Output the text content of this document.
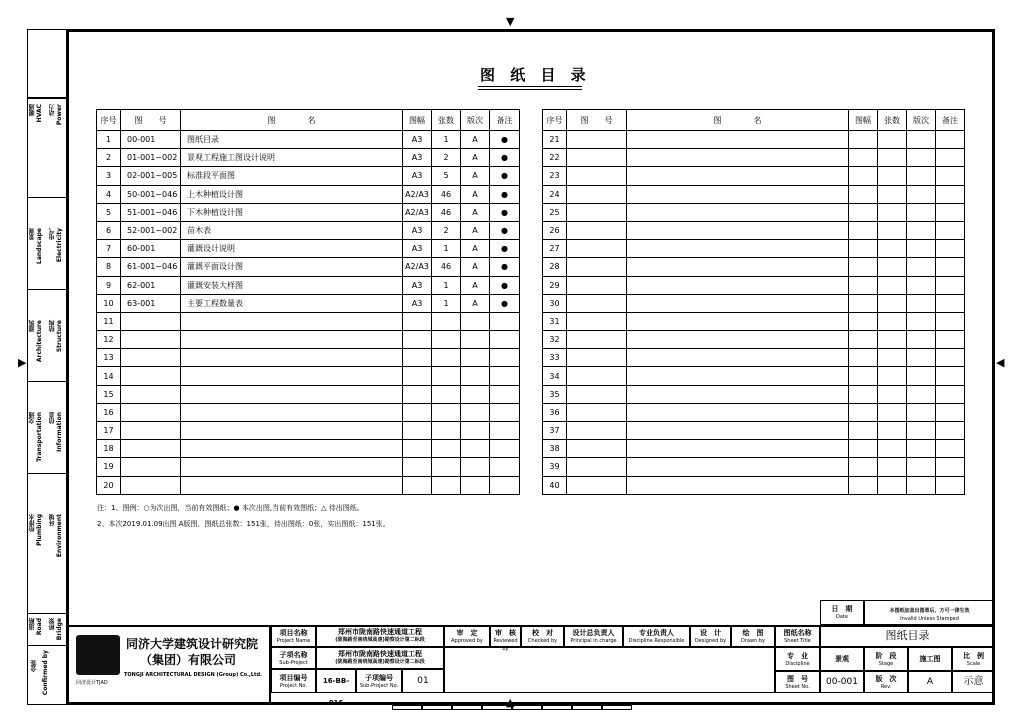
▼
▲
▶	◀
暖通 HVAC 动力 Power
景观 Landscape 电气 Electricity
建筑 Architecture 结构 Structure
交通 Transportation 信息 Information
给排水 Plumbing 环境 Environment
道路 Road 桥梁 Bridge
会签 Confirmed by
图 纸 目 录
序号	图　　号	图　　　　名	图幅	张数	版次	备注
1	00-001	图纸目录	A3	1	A	●
2	01-001~002	景观工程施工图设计说明	A3	2	A	●
3	02-001~005	标准段平面图	A3	5	A	●
4	50-001~046	上木种植设计图	A2/A3	46	A	●
5	51-001~046	下木种植设计图	A2/A3	46	A	●
6	52-001~002	苗木表	A3	2	A	●
7	60-001	灌溉设计说明	A3	1	A	●
8	61-001~046	灌溉平面设计图	A2/A3	46	A	●
9	62-001	灌溉安装大样图	A3	1	A	●
10	63-001	主要工程数量表	A3	1	A	●
11						
12						
13						
14						
15						
16						
17						
18						
19						
20						
序号	图　　号	图　　　　名	图幅	张数	版次	备注
21						
22						
23						
24						
25						
26						
27						
28						
29						
30						
31						
32						
33						
34						
35						
36						
37						
38						
39						
40						
注：1、图例：○为次出图，当前有效图纸；● 本次出图,当前有效图纸；△ 待出图纸。
2、本次2019.01.09出图 A版图，图纸总张数：151张，待出图纸：0张，实出图纸：151张。
日　期
Date
本图纸加盖出图章后，方可一律生效
Invalid Unless Stamped
同济大学建筑设计研究院
（集团）有限公司
TONGJI ARCHITECTURAL DESIGN (Group) Co.,Ltd.
同济设计TJAD
项目名称
Project Name
郑州市陇南路快速通道工程
(陇海路至南绕城高速)勘察设计第二标段
子项名称
Sub-Project
郑州市陇南路快速通道工程
(陇海路至南绕城高速)勘察设计第二标段
项目编号
Project No.
16-BB-016
子项编号
Sub-Project No.	01
审　定
Approved by
审　核
Reviewed by
校　对
Checked by
设计总负责人
Principal in charge
专业负责人
Discipline Responsible
设　计
Designed by
绘　图
Drawn by
图纸名称
Sheet Title	图纸目录
专　业
Discipline
景观	阶　段
Stage
施工图	比　例
Scale
图　号
Sheet No.	00-001	版　次
Rev.	A	示意
